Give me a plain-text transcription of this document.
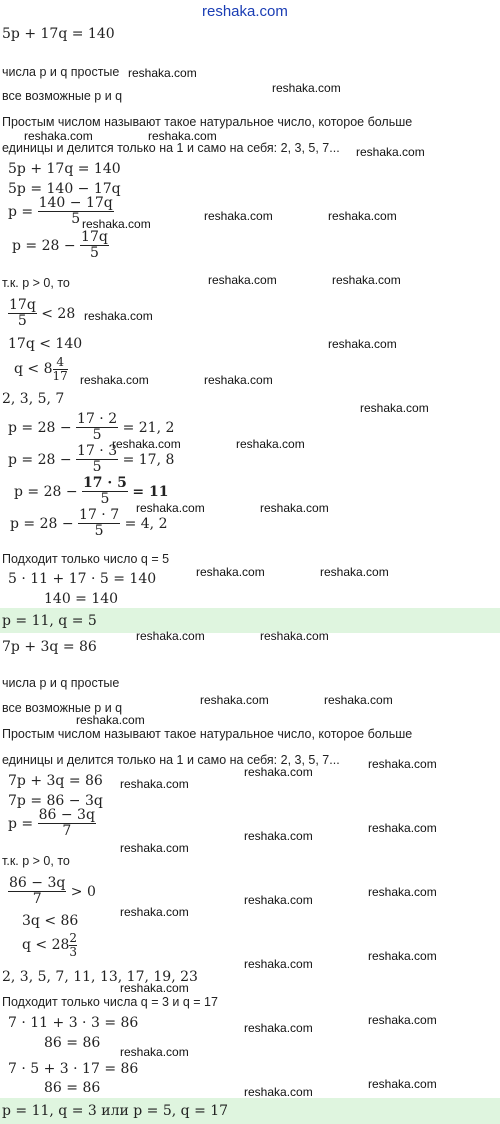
reshaka.com
5p + 17q = 140
числа p и q простые
все возможные p и q
Простым числом называют такое натуральное число, которое больше
единицы и делится только на 1 и само на себя: 2, 3, 5, 7...
5p + 17q = 140
5p = 140 − 17q
$p = \frac{140 - 17q}{5}$
$p = 28 - \frac{17q}{5}$
т.к. p > 0, то
$\frac{17q}{5} < 28$
17q < 140
$q < 8 \frac{4}{17}$
2, 3, 5, 7
$p = 28 - \frac{17 \cdot 2}{5} = 21$, 2
$p = 28 - \frac{17 \cdot 3}{5} = 17$, 8
$p = 28 - \frac{17 \cdot 5}{5} = 11$
$p = 28 - \frac{17 \cdot 7}{5} = 4$, 2
Подходит только число q = 5
5 · 11 + 17 · 5 = 140
140 = 140
p = 11, q = 5
7p + 3q = 86
числа p и q простые
все возможные p и q
Простым числом называют такое натуральное число, которое больше
единицы и делится только на 1 и само на себя: 2, 3, 5, 7...
7p + 3q = 86
7p = 86 − 3q
$p = \frac{86 - 3q}{7}$
т.к. p > 0, то
$\frac{86 - 3q}{7} > 0$
3q < 86
$q < 28 \frac{2}{3}$
2, 3, 5, 7, 11, 13, 17, 19, 23
Подходит только числа q = 3 и q = 17
7 · 11 + 3 · 3 = 86
86 = 86
7 · 5 + 3 · 17 = 86
86 = 86
p = 11, q = 3 или p = 5, q = 17
reshaka.com
reshaka.com
reshaka.com	reshaka.com
reshaka.com
reshaka.com
reshaka.com	reshaka.com
reshaka.com	reshaka.com
reshaka.com
reshaka.com
reshaka.com	reshaka.com
reshaka.com
reshaka.com	reshaka.com
reshaka.com	reshaka.com
reshaka.com	reshaka.com
reshaka.com	reshaka.com
reshaka.com	reshaka.com
reshaka.com
reshaka.com
reshaka.com
reshaka.com
reshaka.com
reshaka.com
reshaka.com
reshaka.com
reshaka.com
reshaka.com
reshaka.com
reshaka.com
reshaka.com
reshaka.com
reshaka.com
reshaka.com
reshaka.com
reshaka.com
